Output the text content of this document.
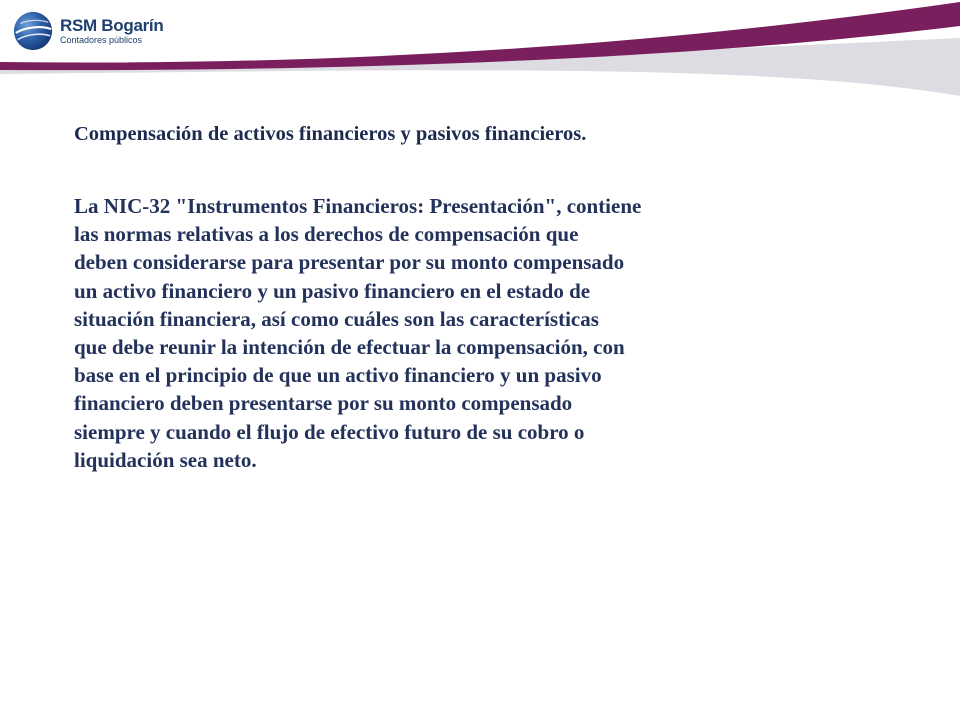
RSM Bogarín
Contadores públicos
Compensación de activos financieros y pasivos financieros.
La NIC-32 "Instrumentos Financieros: Presentación", contiene
las normas relativas a los derechos de compensación que
deben considerarse para presentar por su monto compensado
un activo financiero y un pasivo financiero en el estado de
situación financiera, así como cuáles son las características
que debe reunir la intención de efectuar la compensación, con
base en el principio de que un activo financiero y un pasivo
financiero deben presentarse por su monto compensado
siempre y cuando el flujo de efectivo futuro de su cobro o
liquidación sea neto.
